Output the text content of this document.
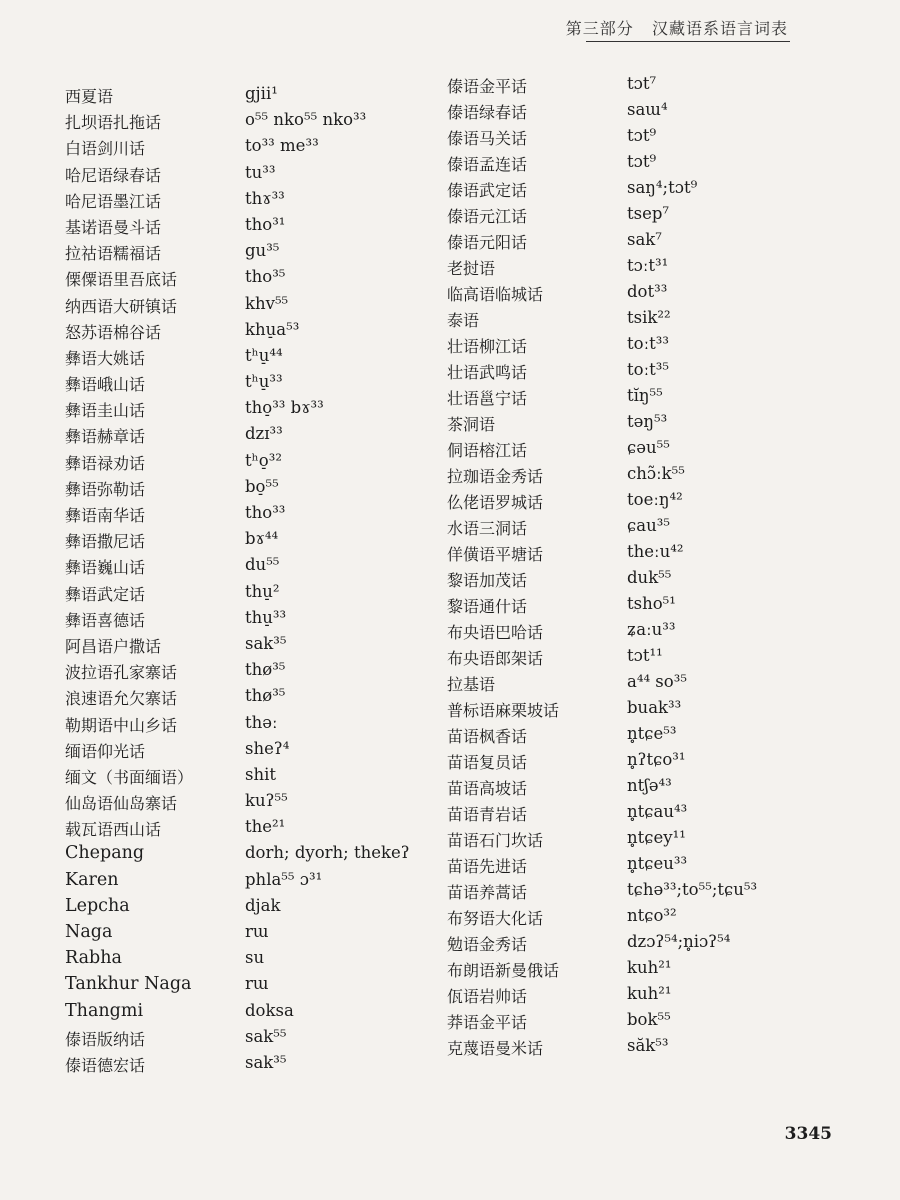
第三部分   汉藏语系语言词表
西夏语	gjii¹
扎坝语扎拖话	o⁵⁵ nko⁵⁵ nko³³
白语剑川话	to³³ me³³
哈尼语绿春话	tu³³
哈尼语墨江话	thɤ³³
基诺语曼斗话	tho³¹
拉祜语糯福话	gu³⁵
傈僳语里吾底话	tho³⁵
纳西语大研镇话	khv⁵⁵
怒苏语棉谷话	khu̠a⁵³
彝语大姚话	tʰu̠⁴⁴
彝语峨山话	tʰu̠³³
彝语圭山话	tho̠³³ bɤ³³
彝语赫章话	dzɪ³³
彝语禄劝话	tʰo̠³²
彝语弥勒话	bo̠⁵⁵
彝语南华话	tho³³
彝语撒尼话	bɤ⁴⁴
彝语巍山话	du⁵⁵
彝语武定话	thu̠²
彝语喜德话	thu̠³³
阿昌语户撒话	sak³⁵
波拉语孔家寨话	thø³⁵
浪速语允欠寨话	thø³⁵
勒期语中山乡话	thəː
缅语仰光话	sheʔ⁴
缅文（书面缅语）	shit
仙岛语仙岛寨话	kuʔ⁵⁵
载瓦语西山话	the²¹
Chepang	dorh; dyorh; thekeʔ
Karen	phla⁵⁵ ɔ³¹
Lepcha	djak
Naga	rɯ
Rabha	su
Tankhur Naga	rɯ
Thangmi	doksa
傣语版纳话	sak⁵⁵
傣语德宏话	sak³⁵
傣语金平话	tɔt⁷
傣语绿春话	saɯ⁴
傣语马关话	tɔt⁹
傣语孟连话	tɔt⁹
傣语武定话	saŋ⁴;tɔt⁹
傣语元江话	tsep⁷
傣语元阳话	sak⁷
老挝语	tɔːt³¹
临高语临城话	dot³³
泰语	tsik²²
壮语柳江话	toːt³³
壮语武鸣话	toːt³⁵
壮语邕宁话	tĭŋ⁵⁵
茶洞语	təŋ⁵³
侗语榕江话	ɕəu⁵⁵
拉珈语金秀话	chɔ̃ːk⁵⁵
仫佬语罗城话	toeːŋ⁴²
水语三洞话	ɕau³⁵
佯僙语平塘话	theːu⁴²
黎语加茂话	duk⁵⁵
黎语通什话	tsho⁵¹
布央语巴哈话	ʑaːu³³
布央语郎架话	tɔt¹¹
拉基语	a⁴⁴ so³⁵
普标语麻栗坡话	buak³³
苗语枫香话	n̥tɕe⁵³
苗语复员话	n̥ʔtɕo³¹
苗语高坡话	ntʃə⁴³
苗语青岩话	n̥tɕau⁴³
苗语石门坎话	n̥tɕey¹¹
苗语先进话	n̥tɕeu³³
苗语养蒿话	tɕhə³³;to⁵⁵;tɕu⁵³
布努语大化话	ntɕo³²
勉语金秀话	dzɔʔ⁵⁴;n̥iɔʔ⁵⁴
布朗语新曼俄话	kuh²¹
佤语岩帅话	kuh²¹
莽语金平话	bok⁵⁵
克蔑语曼米话	săk⁵³
3345
